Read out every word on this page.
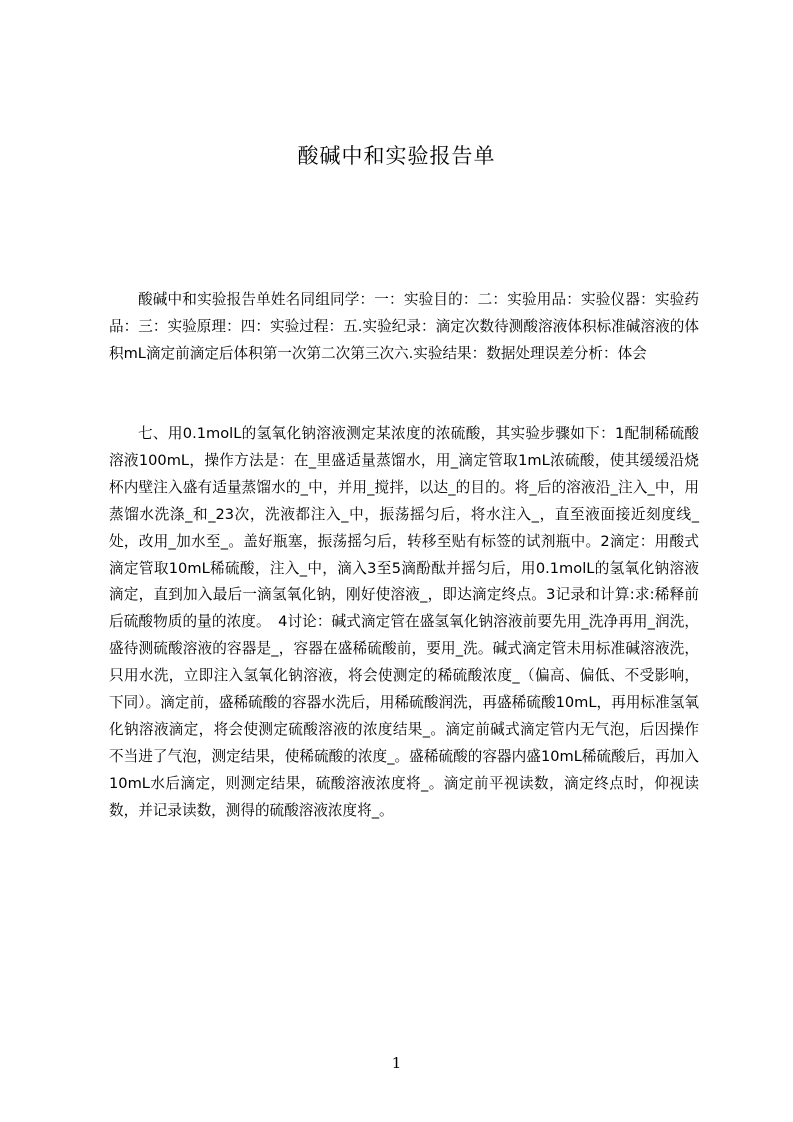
酸碱中和实验报告单

酸碱中和实验报告单姓名同组同学：一：实验目的：二：实验用品：实验仪器：实验药品：三：实验原理：四：实验过程：五.实验纪录：滴定次数待测酸溶液体积标准碱溶液的体积mL滴定前滴定后体积第一次第二次第三次六.实验结果：数据处理误差分析：体会

七、用0.1molL的氢氧化钠溶液测定某浓度的浓硫酸，其实验步骤如下：1配制稀硫酸溶液100mL，操作方法是：在_里盛适量蒸馏水，用_滴定管取1mL浓硫酸，使其缓缓沿烧杯内壁注入盛有适量蒸馏水的_中，并用_搅拌，以达_的目的。将_后的溶液沿_注入_中，用蒸馏水洗涤_和_23次，洗液都注入_中，振荡摇匀后，将水注入_，直至液面接近刻度线_处，改用_加水至_。盖好瓶塞，振荡摇匀后，转移至贴有标签的试剂瓶中。2滴定：用酸式滴定管取10mL稀硫酸，注入_中，滴入3至5滴酚酞并摇匀后，用0.1molL的氢氧化钠溶液滴定，直到加入最后一滴氢氧化钠，刚好使溶液_，即达滴定终点。3记录和计算:求:稀释前后硫酸物质的量的浓度。　4讨论：碱式滴定管在盛氢氧化钠溶液前要先用_洗净再用_润洗，盛待测硫酸溶液的容器是_，容器在盛稀硫酸前，要用_洗。碱式滴定管未用标准碱溶液洗，只用水洗，立即注入氢氧化钠溶液，将会使测定的稀硫酸浓度_（偏高、偏低、不受影响，下同）。滴定前，盛稀硫酸的容器水洗后，用稀硫酸润洗，再盛稀硫酸10mL，再用标准氢氧化钠溶液滴定，将会使测定硫酸溶液的浓度结果_。滴定前碱式滴定管内无气泡，后因操作不当进了气泡，测定结果，使稀硫酸的浓度_。盛稀硫酸的容器内盛10mL稀硫酸后，再加入10mL水后滴定，则测定结果，硫酸溶液浓度将_。滴定前平视读数，滴定终点时，仰视读数，并记录读数，测得的硫酸溶液浓度将_。

1
